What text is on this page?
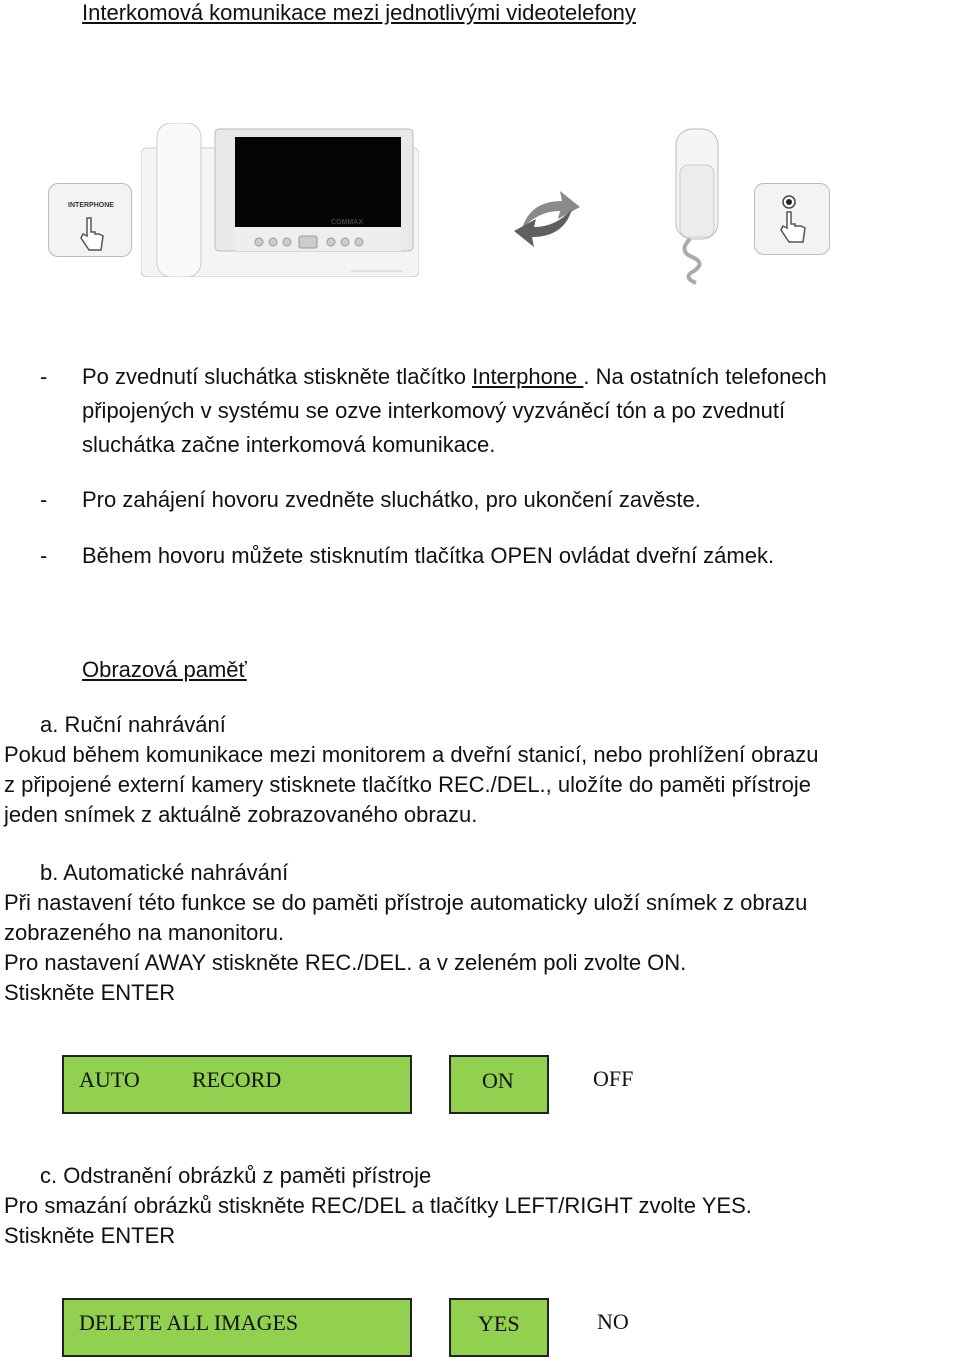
Interkomová komunikace mezi jednotlivými videotelefony
INTERPHONE
COMMAX
- Po zvednutí sluchátka stiskněte tlačítko Interphone . Na ostatních telefonech
připojených v systému se ozve interkomový vyzváněcí tón a po zvednutí
sluchátka začne interkomová komunikace.
- Pro zahájení hovoru zvedněte sluchátko, pro ukončení zavěste.
- Během hovoru můžete stisknutím tlačítka OPEN ovládat dveřní zámek.
Obrazová paměť
a. Ruční nahrávání
Pokud během komunikace mezi monitorem a dveřní stanicí, nebo prohlížení obrazu
z připojené externí kamery stisknete tlačítko REC./DEL., uložíte do paměti přístroje
jeden snímek z aktuálně zobrazovaného obrazu.
b. Automatické nahrávání
Při nastavení této funkce se do paměti přístroje automaticky uloží snímek z obrazu
zobrazeného na manonitoru.
Pro nastavení AWAY stiskněte REC./DEL. a v zeleném poli zvolte ON.
Stiskněte ENTER
AUTO RECORD	ON	OFF
c. Odstranění obrázků z paměti přístroje
Pro smazání obrázků stiskněte REC/DEL a tlačítky LEFT/RIGHT zvolte YES.
Stiskněte ENTER
DELETE ALL IMAGES	YES	NO
